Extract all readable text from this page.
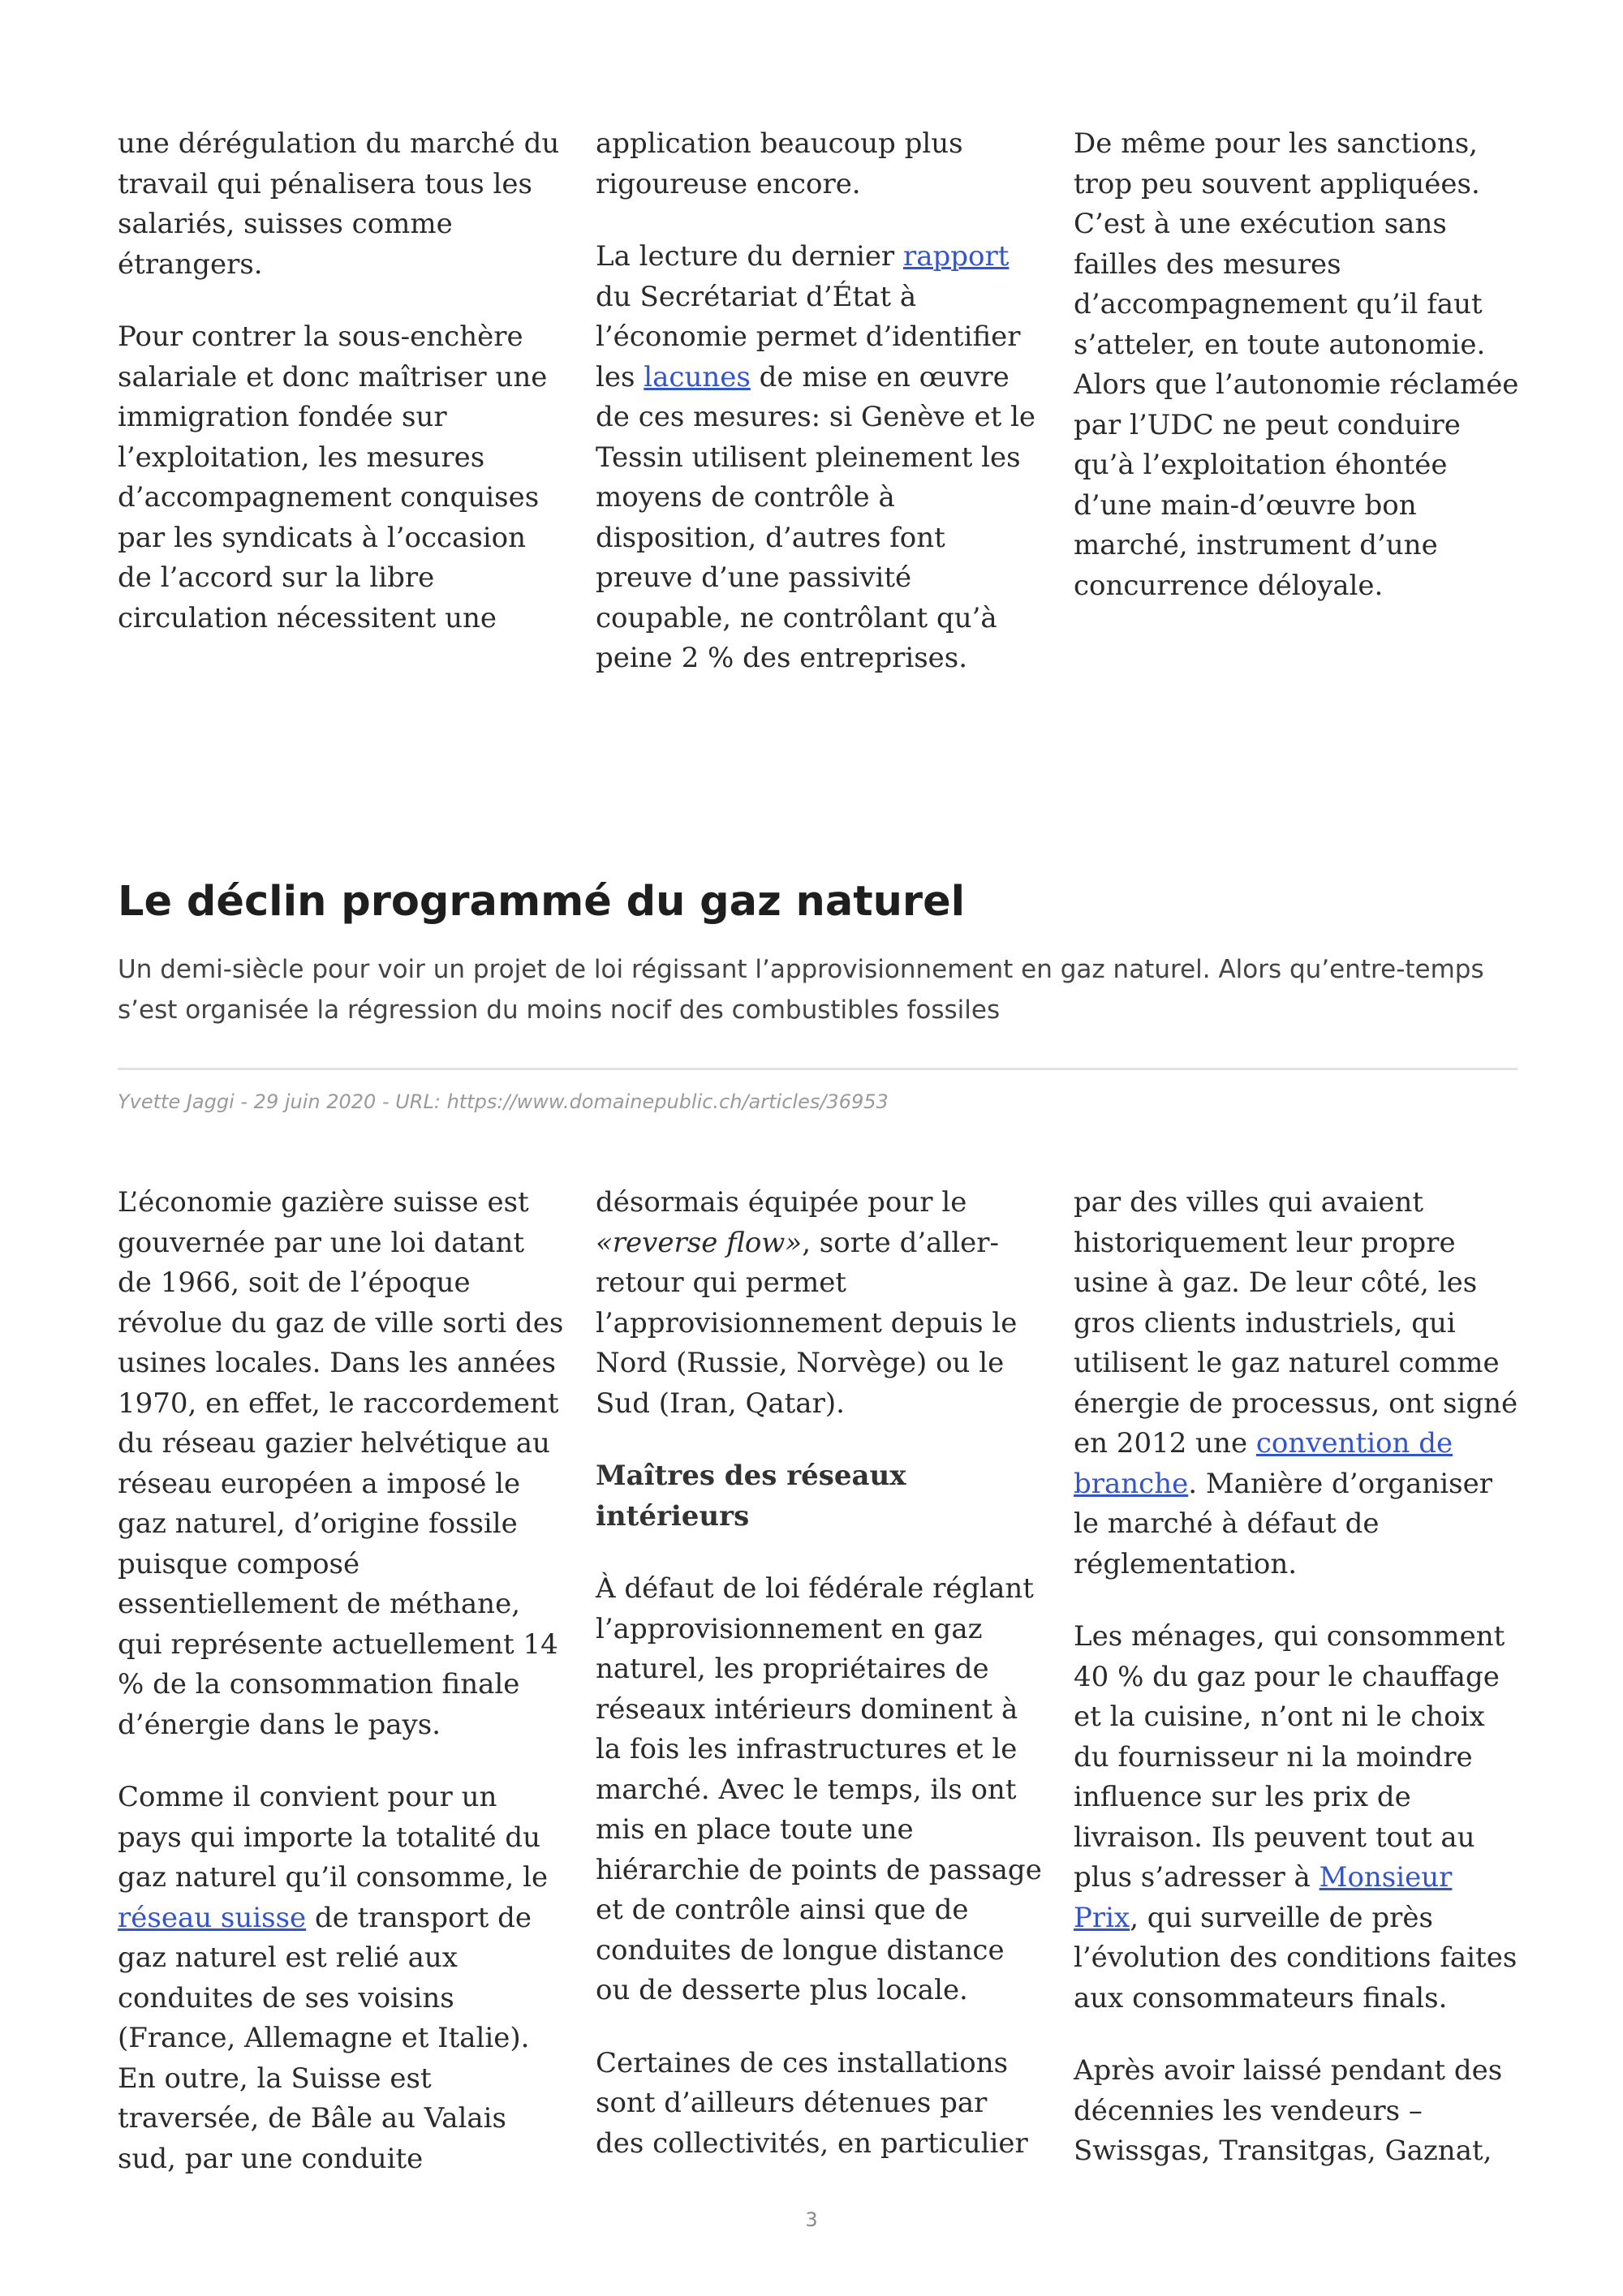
une dérégulation du marché du travail qui pénalisera tous les salariés, suisses comme étrangers.

Pour contrer la sous-enchère salariale et donc maîtriser une immigration fondée sur l’exploitation, les mesures d’accompagnement conquises par les syndicats à l’occasion de l’accord sur la libre circulation nécessitent une

application beaucoup plus rigoureuse encore.

La lecture du dernier rapport du Secrétariat d’État à l’économie permet d’identifier les lacunes de mise en œuvre de ces mesures: si Genève et le Tessin utilisent pleinement les moyens de contrôle à disposition, d’autres font preuve d’une passivité coupable, ne contrôlant qu’à peine 2 % des entreprises.

De même pour les sanctions, trop peu souvent appliquées. C’est à une exécution sans failles des mesures d’accompagnement qu’il faut s’atteler, en toute autonomie. Alors que l’autonomie réclamée par l’UDC ne peut conduire qu’à l’exploitation éhontée d’une main-d’œuvre bon marché, instrument d’une concurrence déloyale.

Le déclin programmé du gaz naturel

Un demi-siècle pour voir un projet de loi régissant l’approvisionnement en gaz naturel. Alors qu’entre-temps s’est organisée la régression du moins nocif des combustibles fossiles

Yvette Jaggi - 29 juin 2020 - URL: https://www.domainepublic.ch/articles/36953

L’économie gazière suisse est gouvernée par une loi datant de 1966, soit de l’époque révolue du gaz de ville sorti des usines locales. Dans les années 1970, en effet, le raccordement du réseau gazier helvétique au réseau européen a imposé le gaz naturel, d’origine fossile puisque composé essentiellement de méthane, qui représente actuellement 14 % de la consommation finale d’énergie dans le pays.

Comme il convient pour un pays qui importe la totalité du gaz naturel qu’il consomme, le réseau suisse de transport de gaz naturel est relié aux conduites de ses voisins (France, Allemagne et Italie). En outre, la Suisse est traversée, de Bâle au Valais sud, par une conduite

désormais équipée pour le «reverse flow», sorte d’aller-retour qui permet l’approvisionnement depuis le Nord (Russie, Norvège) ou le Sud (Iran, Qatar).

Maîtres des réseaux intérieurs

À défaut de loi fédérale réglant l’approvisionnement en gaz naturel, les propriétaires de réseaux intérieurs dominent à la fois les infrastructures et le marché. Avec le temps, ils ont mis en place toute une hiérarchie de points de passage et de contrôle ainsi que de conduites de longue distance ou de desserte plus locale.

Certaines de ces installations sont d’ailleurs détenues par des collectivités, en particulier

par des villes qui avaient historiquement leur propre usine à gaz. De leur côté, les gros clients industriels, qui utilisent le gaz naturel comme énergie de processus, ont signé en 2012 une convention de branche. Manière d’organiser le marché à défaut de réglementation.

Les ménages, qui consomment 40 % du gaz pour le chauffage et la cuisine, n’ont ni le choix du fournisseur ni la moindre influence sur les prix de livraison. Ils peuvent tout au plus s’adresser à Monsieur Prix, qui surveille de près l’évolution des conditions faites aux consommateurs finals.

Après avoir laissé pendant des décennies les vendeurs – Swissgas, Transitgas, Gaznat,

3
